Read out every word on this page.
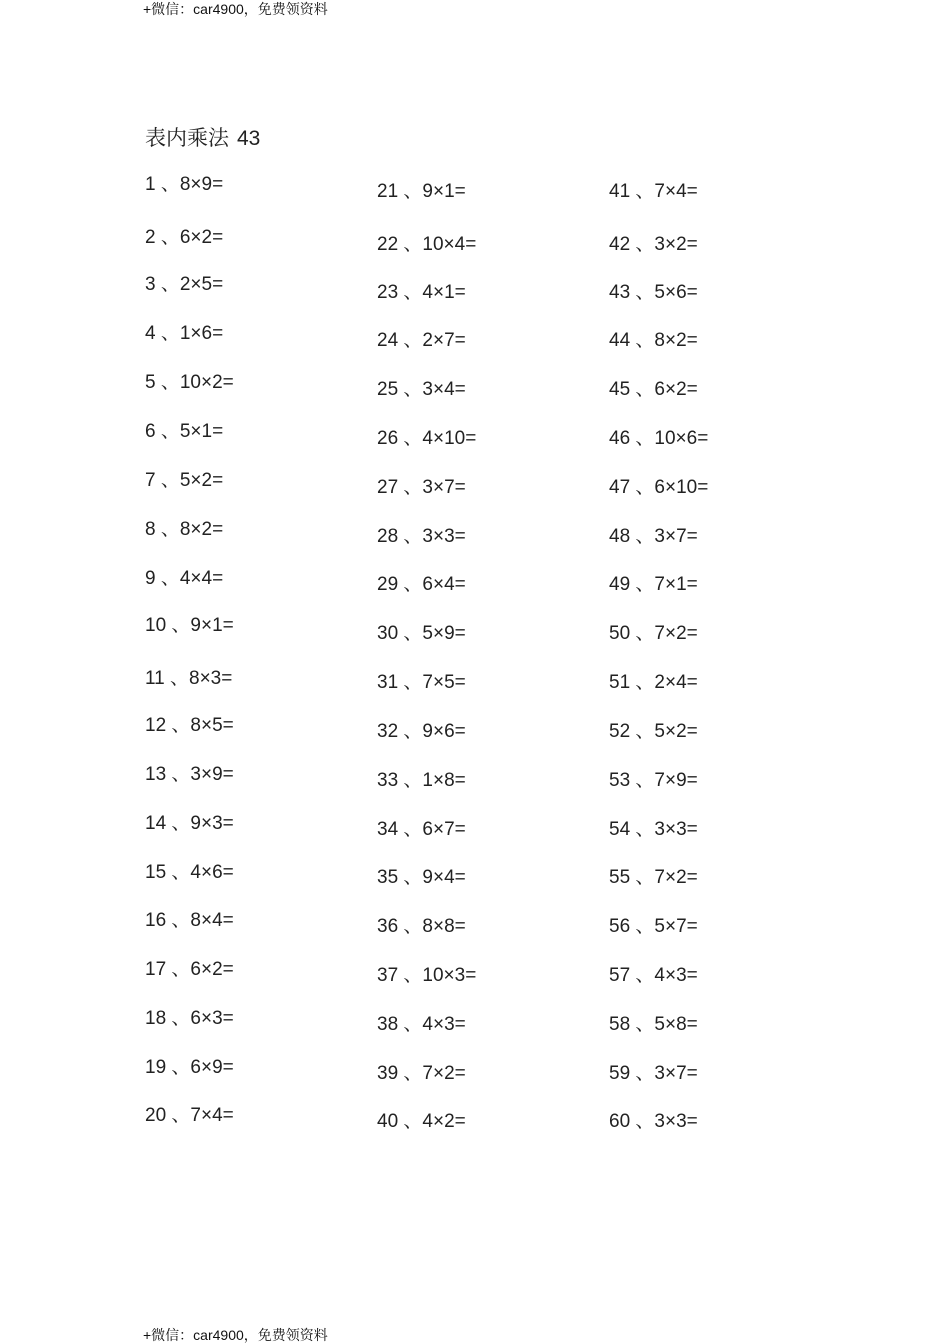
+微信：car4900，免费领资料
表内乘法 43
1 、8×9=
2 、6×2=
3 、2×5=
4 、1×6=
5 、10×2=
6 、5×1=
7 、5×2=
8 、8×2=
9 、4×4=
10 、9×1=
11 、8×3=
12 、8×5=
13 、3×9=
14 、9×3=
15 、4×6=
16 、8×4=
17 、6×2=
18 、6×3=
19 、6×9=
20 、7×4=
21 、9×1=
22 、10×4=
23 、4×1=
24 、2×7=
25 、3×4=
26 、4×10=
27 、3×7=
28 、3×3=
29 、6×4=
30 、5×9=
31 、7×5=
32 、9×6=
33 、1×8=
34 、6×7=
35 、9×4=
36 、8×8=
37 、10×3=
38 、4×3=
39 、7×2=
40 、4×2=
41 、7×4=
42 、3×2=
43 、5×6=
44 、8×2=
45 、6×2=
46 、10×6=
47 、6×10=
48 、3×7=
49 、7×1=
50 、7×2=
51 、2×4=
52 、5×2=
53 、7×9=
54 、3×3=
55 、7×2=
56 、5×7=
57 、4×3=
58 、5×8=
59 、3×7=
60 、3×3=
+微信：car4900，免费领资料
